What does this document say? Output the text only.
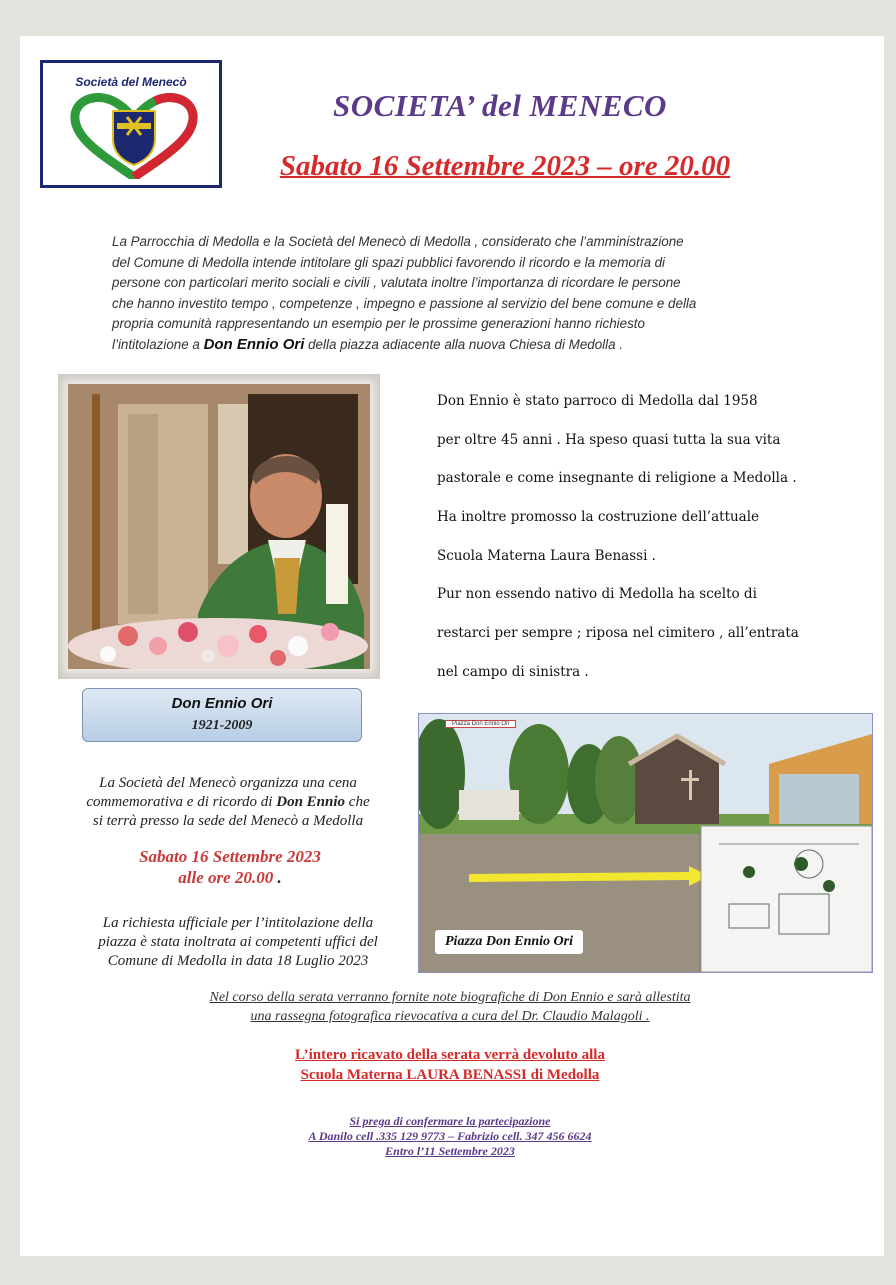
Società del Menecò
SOCIETA’ del MENECO
Sabato 16 Settembre 2023 – ore 20.00
La Parrocchia di Medolla e la Società del Menecò di Medolla , considerato che l’amministrazione
del Comune di Medolla intende intitolare gli spazi pubblici favorendo il ricordo e la memoria di
persone con particolari merito sociali e civili , valutata inoltre l’importanza di ricordare le persone
che hanno investito tempo , competenze , impegno e passione al servizio del bene comune e della
propria comunità rappresentando un esempio per le prossime generazioni hanno richiesto
l’intitolazione a Don Ennio Ori della piazza adiacente alla nuova Chiesa di Medolla .
Don Ennio Ori
1921-2009
Don Ennio è stato parroco di Medolla dal 1958
per oltre 45 anni . Ha speso quasi tutta la sua vita
pastorale e come insegnante di religione a Medolla .
Ha inoltre promosso la costruzione dell’attuale
Scuola Materna Laura Benassi .
Pur non essendo nativo di Medolla ha scelto di
restarci per sempre ; riposa nel cimitero , all’entrata
nel campo di sinistra .
La Società del Menecò organizza una cena
commemorativa e di ricordo di Don Ennio che
si terrà presso la sede del Menecò a Medolla
Sabato 16 Settembre 2023
alle ore 20.00 .
La richiesta ufficiale per l’intitolazione della
piazza è stata inoltrata ai competenti uffici del
Comune di Medolla in data 18 Luglio 2023
Piazza Don Ennio Ori
Piazza Don Ennio Ori
Nel corso della serata verranno fornite note biografiche di Don Ennio e sarà allestita
una rassegna fotografica rievocativa a cura del Dr. Claudio Malagoli .
L’intero ricavato della serata verrà devoluto alla
Scuola Materna LAURA BENASSI di Medolla
Si prega di confermare la partecipazione
A Danilo cell .335 129 9773 – Fabrizio cell. 347 456 6624
Entro l’11 Settembre 2023
